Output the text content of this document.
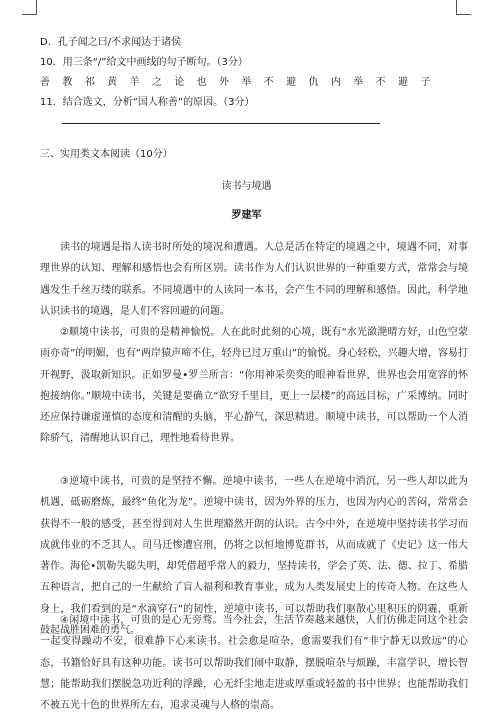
D．孔子闻之曰/不求闻达于诸侯
10．用三条“/”给文中画线的句子断句。（3分）
善 教 祁 黄 羊 之 论 也 外 举 不 避 仇 内 举 不 避 子
11．结合选文，分析“国人称善”的原因。（3分）
三、实用类文本阅读（10分）
读书与境遇
罗建军

读书的境遇是指人读书时所处的境况和遭遇。人总是活在特定的境遇之中，境遇不同，对事理世界的认知、理解和感悟也会有所区别。读书作为人们认识世界的一种重要方式，常常会与境遇发生千丝万缕的联系。不同境遇中的人读同一本书，会产生不同的理解和感悟。因此，科学地认识读书的境遇，是人们不容回避的问题。

②顺境中读书，可贵的是精神愉悦。人在此时此刻的心境，既有“水光潋滟晴方好，山色空蒙雨亦奇”的明媚，也有“两岸猿声啼不住，轻舟已过万重山”的愉悦。身心轻松，兴趣大增，容易打开视野，汲取新知识。正如罗曼•罗兰所言：“你用神采奕奕的眼神看世界，世界也会用宽容的怀抱接纳你。”顺境中读书，关键是要确立“欲穷千里目，更上一层楼”的高远目标，广采博纳。同时还应保持谦虚谨慎的态度和清醒的头脑，平心静气，深思精进。顺境中读书，可以帮助一个人消除骄气，清醒地认识自己，理性地看待世界。

③逆境中读书，可贵的是坚持不懈。逆境中读书，一些人在逆境中消沉，另一些人却以此为机遇，砥砺磨炼，最终“鱼化为龙”。逆境中读书，因为外界的压力，也因为内心的苦闷，常常会获得不一般的感受，甚至得到对人生世理豁然开朗的认识。古今中外，在逆境中坚持读书学习而成就伟业的不乏其人。司马迁惨遭宫刑，仍将之以恒地博览群书，从而成就了《史记》这一伟大著作。海伦•凯勒失聪失明，却凭借超乎常人的毅力，坚持读书，学会了英、法、德、拉丁、希腊五种语言，把自己的一生献给了盲人福利和教育事业，成为人类发展史上的传奇人物。在这些人身上，我们看到的是“水滴穿石”的韧性，逆境中读书，可以帮助我们驱散心里积压的阴霾，重新鼓起战胜困难的勇气。

④闲境中读书，可贵的是心无旁骛。当今社会，生活节奏越来越快，人们仿佛走同这个社会一起变得躁动不安，很难静下心来读书。社会愈是喧杂，愈需要我们有“非宁静无以致远”的心态，书籍恰好具有这种功能。读书可以帮助我们闹中取静，摆脱喧杂与烦躁，丰富学识，增长智慧；能帮助我们摆脱急功近利的浮躁，心无纤尘地走进或厚重或轻盈的书中世界；也能帮助我们不被五光十色的世界所左右，追求灵魂与人格的崇高。
